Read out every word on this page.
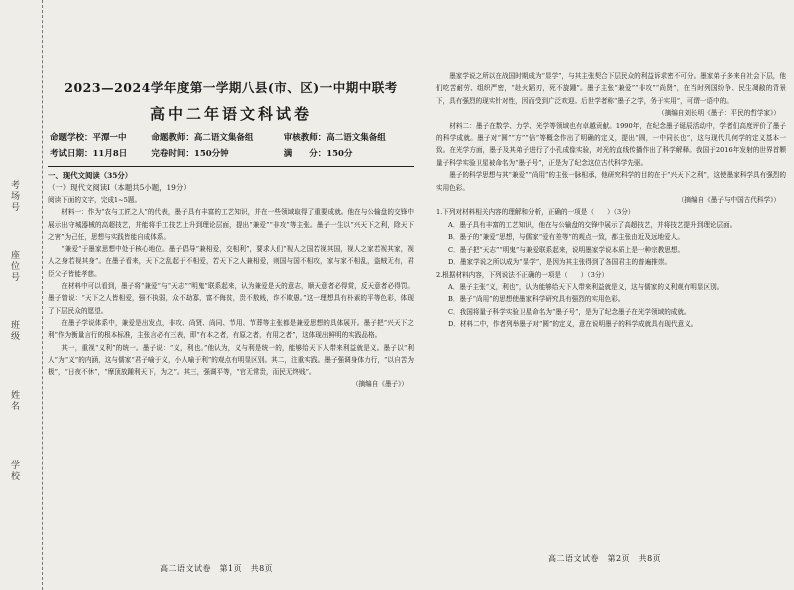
考场号
座位号
班级
姓名
学校
2023—2024学年度第一学期八县(市、区)一中期中联考
高中二年语文科试卷
命题学校：平潭一中	命题教师：高二语文集备组	审核教师：高二语文集备组
考试日期：11月8日	完卷时间：150分钟	满　　分：150分
一、现代文阅读（35分）
（一）现代文阅读Ⅰ（本题共5小题，19分）

阅读下面的文字，完成1~5题。

材料一：作为“农与工匠之人”的代表，墨子具有丰富的工艺知识，并在一些领域取得了重要成就。他在与公输盘的交锋中展示出守城器械的高超技艺，并能将手工技艺上升到理论层面，提出“兼爱”“非攻”等主张。墨子一生以“兴天下之利，除天下之害”为己任，思想与实践皆能自成体系。

“兼爱”于墨家思想中处于核心地位。墨子倡导“兼相爱，交相利”，要求人们“视人之国若视其国，视人之家若视其家，视人之身若视其身”。在墨子看来，天下之乱起于不相爱，若天下之人兼相爱，则国与国不相攻，家与家不相乱，盗贼无有，君臣父子皆能孝慈。

在材料中可以看到，墨子将“兼爱”与“天志”“明鬼”联系起来，认为兼爱是天的意志，顺天意者必得赏，反天意者必得罚。墨子曾说：“天下之人皆相爱，强不执弱，众不劫寡，富不侮贫，贵不敖贱，诈不欺愚。”这一理想具有朴素的平等色彩，体现了下层民众的愿望。

在墨子学说体系中，兼爱是出发点，非攻、尚贤、尚同、节用、节葬等主张都是兼爱思想的具体展开。墨子把“兴天下之利”作为衡量言行的根本标准，主张言必有三表，即“有本之者，有原之者，有用之者”，这体现出鲜明的实践品格。

其一，重视“义利”的统一。墨子说：“义，利也。”他认为，义与利是统一的，能够给天下人带来利益就是义。墨子以“利人”为“义”的内涵，这与儒家“君子喻于义，小人喻于利”的观点有明显区别。其二，注重实践。墨子强调身体力行，“以自苦为极”，“日夜不休”，“摩顶放踵利天下，为之”。其三，强调平等，“官无常贵，而民无终贱”。

（摘编自《墨子》）

墨家学说之所以在战国时期成为“显学”，与其主张契合下层民众的利益诉求密不可分。墨家弟子多来自社会下层，他们吃苦耐劳、组织严密，“赴火蹈刃，死不旋踵”。墨子主张“兼爱”“非攻”“尚贤”，在当时列国纷争、民生凋敝的背景下，具有强烈的现实针对性，因而受到广泛欢迎。后世学者称“墨子之学，务于实用”，可谓一语中的。

（摘编自刘长明《墨子：平民的哲学家》）

材料二：墨子在数学、力学、光学等领域也有卓越贡献。1990年，在纪念墨子诞辰活动中，学者们高度评价了墨子的科学成就。墨子对“圆”“方”“倍”等概念作出了明确的定义，提出“圆，一中同长也”，这与现代几何学的定义基本一致。在光学方面，墨子及其弟子进行了小孔成像实验，对光的直线传播作出了科学解释。我国于2016年发射的世界首颗量子科学实验卫星被命名为“墨子号”，正是为了纪念这位古代科学先驱。

墨子的科学思想与其“兼爱”“尚用”的主张一脉相承，他研究科学的目的在于“兴天下之利”，这使墨家科学具有强烈的实用色彩。

（摘编自《墨子与中国古代科学》）

1.下列对材料相关内容的理解和分析，正确的一项是（　　）（3分）

A．墨子具有丰富的工艺知识，他在与公输盘的交锋中展示了高超技艺，并将技艺提升到理论层面。

B．墨子的“兼爱”思想，与儒家“爱有差等”的观点一致，都主张由近及远地爱人。

C．墨子把“天志”“明鬼”与兼爱联系起来，说明墨家学说本质上是一种宗教思想。

D．墨家学说之所以成为“显学”，是因为其主张得到了各国君主的普遍推崇。

2.根据材料内容，下列说法不正确的一项是（　　）（3分）

A．墨子主张“义，利也”，认为能够给天下人带来利益就是义，这与儒家的义利观有明显区别。

B．墨子“尚用”的思想使墨家科学研究具有强烈的实用色彩。

C．我国将量子科学实验卫星命名为“墨子号”，是为了纪念墨子在光学领域的成就。

D．材料二中，作者列举墨子对“圆”的定义，意在说明墨子的科学成就具有现代意义。

高二语文试卷　第1页　共8页
高二语文试卷　第2页　共8页
